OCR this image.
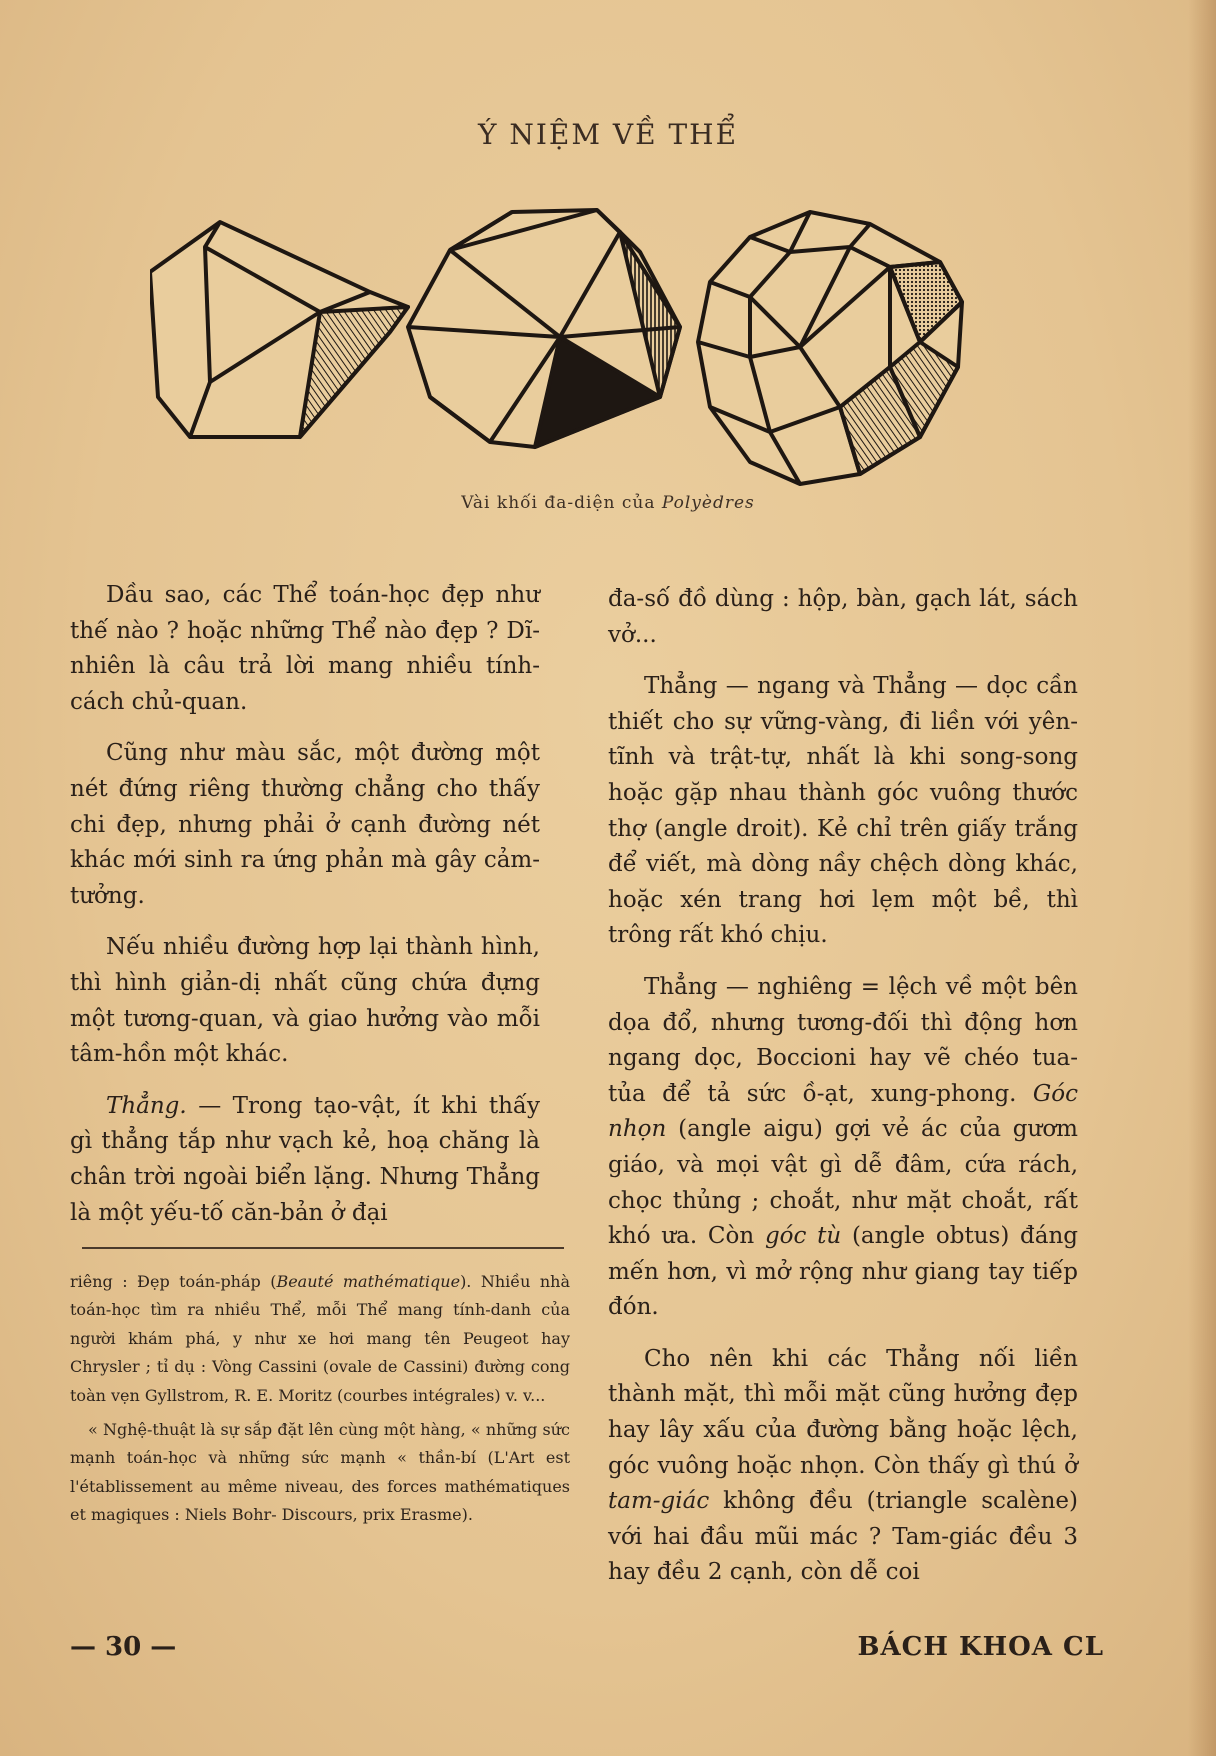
Ý NIỆM VỀ THỂ
Vài khối đa-diện của Polyèdres

Dầu sao, các Thể toán-học đẹp như thế nào ? hoặc những Thể nào đẹp ? Dĩ-nhiên là câu trả lời mang nhiều tính-cách chủ-quan.

Cũng như màu sắc, một đường một nét đứng riêng thường chẳng cho thấy chi đẹp, nhưng phải ở cạnh đường nét khác mới sinh ra ứng phản mà gây cảm-tưởng.

Nếu nhiều đường hợp lại thành hình, thì hình giản-dị nhất cũng chứa đựng một tương-quan, và giao hưởng vào mỗi tâm-hồn một khác.

Thẳng. — Trong tạo-vật, ít khi thấy gì thẳng tắp như vạch kẻ, hoạ chăng là chân trời ngoài biển lặng. Nhưng Thẳng là một yếu-tố căn-bản ở đại

riêng : Đẹp toán-pháp (Beauté mathématique). Nhiều nhà toán-học tìm ra nhiều Thể, mỗi Thể mang tính-danh của người khám phá, y như xe hơi mang tên Peugeot hay Chrysler ; tỉ dụ : Vòng Cassini (ovale de Cassini) đường cong toàn vẹn Gyllstrom, R. E. Moritz (courbes intégrales) v. v...

« Nghệ-thuật là sự sắp đặt lên cùng một hàng, « những sức mạnh toán-học và những sức mạnh « thần-bí (L'Art est l'établissement au même niveau, des forces mathématiques et magiques : Niels Bohr- Discours, prix Erasme).

đa-số đồ dùng : hộp, bàn, gạch lát, sách vở...

Thẳng — ngang và Thẳng — dọc cần thiết cho sự vững-vàng, đi liền với yên-tĩnh và trật-tự, nhất là khi song-song hoặc gặp nhau thành góc vuông thước thợ (angle droit). Kẻ chỉ trên giấy trắng để viết, mà dòng nầy chệch dòng khác, hoặc xén trang hơi lẹm một bề, thì trông rất khó chịu.

Thẳng — nghiêng = lệch về một bên dọa đổ, nhưng tương-đối thì động hơn ngang dọc, Boccioni hay vẽ chéo tua-tủa để tả sức ồ-ạt, xung-phong. Góc nhọn (angle aigu) gợi vẻ ác của gươm giáo, và mọi vật gì dễ đâm, cứa rách, chọc thủng ; choắt, như mặt choắt, rất khó ưa. Còn góc tù (angle obtus) đáng mến hơn, vì mở rộng như giang tay tiếp đón.

Cho nên khi các Thẳng nối liền thành mặt, thì mỗi mặt cũng hưởng đẹp hay lây xấu của đường bằng hoặc lệch, góc vuông hoặc nhọn. Còn thấy gì thú ở tam-giác không đều (triangle scalène) với hai đầu mũi mác ? Tam-giác đều 3 hay đều 2 cạnh, còn dễ coi

— 30 —	BÁCH KHOA CL
